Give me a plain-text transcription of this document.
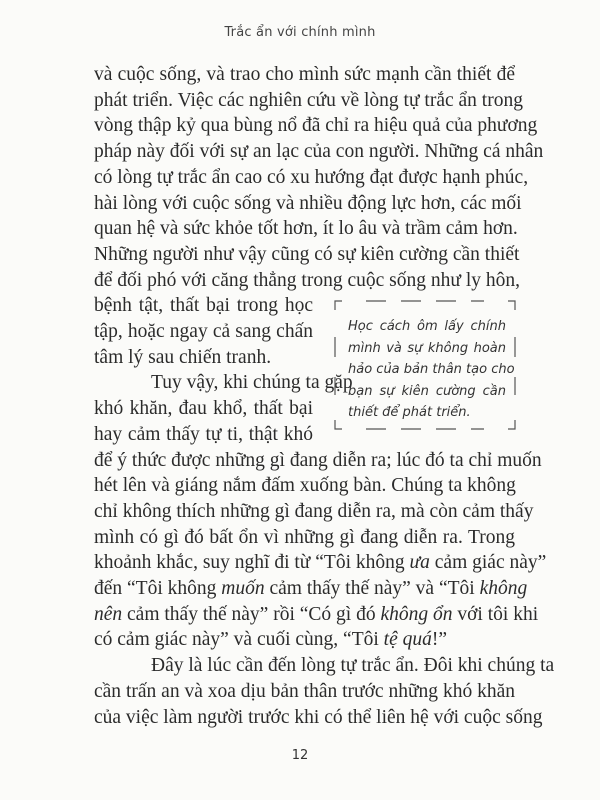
Trắc ẩn với chính mình
và cuộc sống, và trao cho mình sức mạnh cần thiết để
phát triển. Việc các nghiên cứu về lòng tự trắc ẩn trong
vòng thập kỷ qua bùng nổ đã chỉ ra hiệu quả của phương
pháp này đối với sự an lạc của con người. Những cá nhân
có lòng tự trắc ẩn cao có xu hướng đạt được hạnh phúc,
hài lòng với cuộc sống và nhiều động lực hơn, các mối
quan hệ và sức khỏe tốt hơn, ít lo âu và trầm cảm hơn.
Những người như vậy cũng có sự kiên cường cần thiết
để đối phó với căng thẳng trong cuộc sống như ly hôn,
bệnh tật, thất bại trong học
tập, hoặc ngay cả sang chấn
tâm lý sau chiến tranh.
Tuy vậy, khi chúng ta gặp
khó khăn, đau khổ, thất bại
hay cảm thấy tự ti, thật khó
để ý thức được những gì đang diễn ra; lúc đó ta chỉ muốn
hét lên và giáng nắm đấm xuống bàn. Chúng ta không
chỉ không thích những gì đang diễn ra, mà còn cảm thấy
mình có gì đó bất ổn vì những gì đang diễn ra. Trong
khoảnh khắc, suy nghĩ đi từ “Tôi không ưa cảm giác này”
đến “Tôi không muốn cảm thấy thế này” và “Tôi không
nên cảm thấy thế này” rồi “Có gì đó không ổn với tôi khi
có cảm giác này” và cuối cùng, “Tôi tệ quá!”
Đây là lúc cần đến lòng tự trắc ẩn. Đôi khi chúng ta
cần trấn an và xoa dịu bản thân trước những khó khăn
của việc làm người trước khi có thể liên hệ với cuộc sống
Học cách ôm lấy chính
mình và sự không hoàn
hảo của bản thân tạo cho
bạn sự kiên cường cần
thiết để phát triển.
12
